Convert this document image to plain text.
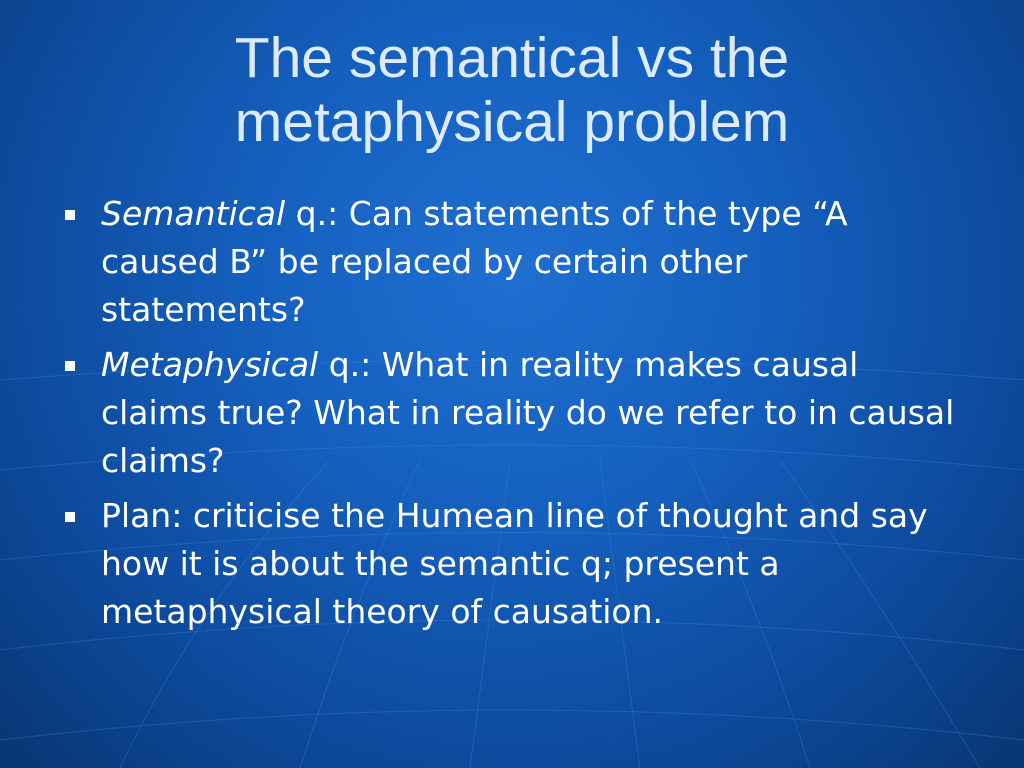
The semantical vs the
metaphysical problem
Semantical q.: Can statements of the type “A caused B” be replaced by certain other statements?
Metaphysical q.: What in reality makes causal claims true? What in reality do we refer to in causal claims?
Plan: criticise the Humean line of thought and say how it is about the semantic q; present a metaphysical theory of causation.
